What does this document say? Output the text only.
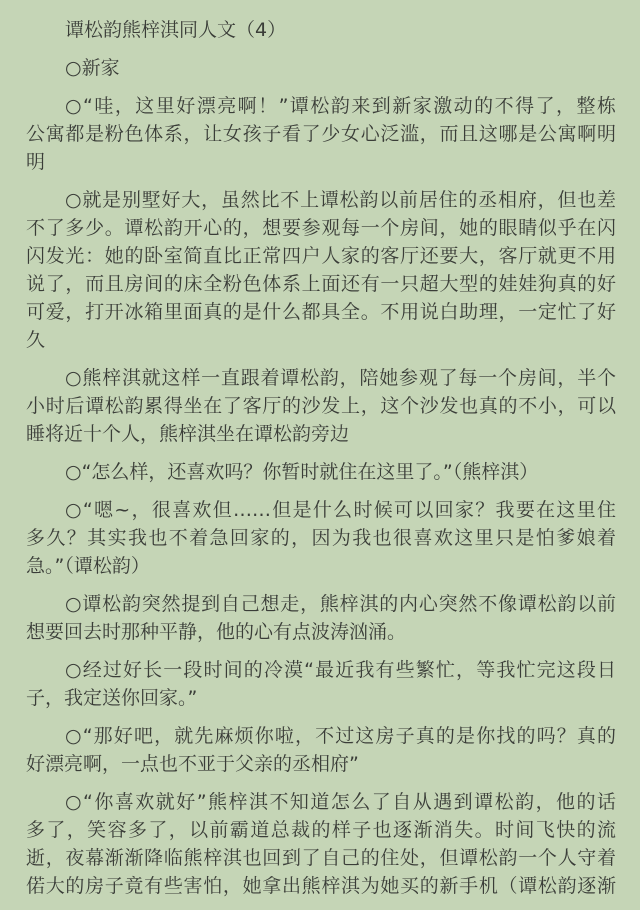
谭松韵熊梓淇同人文（4）
○新家
○“哇，这里好漂亮啊！”谭松韵来到新家激动的不得了，整栋
公寓都是粉色体系，让女孩子看了少女心泛滥，而且这哪是公寓啊明
明
○就是别墅好大，虽然比不上谭松韵以前居住的丞相府，但也差
不了多少。谭松韵开心的，想要参观每一个房间，她的眼睛似乎在闪
闪发光：她的卧室简直比正常四户人家的客厅还要大，客厅就更不用
说了，而且房间的床全粉色体系上面还有一只超大型的娃娃狗真的好
可爱，打开冰箱里面真的是什么都具全。不用说白助理，一定忙了好
久
○熊梓淇就这样一直跟着谭松韵，陪她参观了每一个房间，半个
小时后谭松韵累得坐在了客厅的沙发上，这个沙发也真的不小，可以
睡将近十个人，熊梓淇坐在谭松韵旁边
○“怎么样，还喜欢吗？你暂时就住在这里了。”（熊梓淇）
○“嗯~，很喜欢但……但是什么时候可以回家？我要在这里住
多久？其实我也不着急回家的，因为我也很喜欢这里只是怕爹娘着
急。”（谭松韵）
○谭松韵突然提到自己想走，熊梓淇的内心突然不像谭松韵以前
想要回去时那种平静，他的心有点波涛汹涌。
○经过好长一段时间的冷漠“最近我有些繁忙，等我忙完这段日
子，我定送你回家。”
○“那好吧，就先麻烦你啦，不过这房子真的是你找的吗？真的
好漂亮啊，一点也不亚于父亲的丞相府”
○“你喜欢就好”熊梓淇不知道怎么了自从遇到谭松韵，他的话
多了，笑容多了，以前霸道总裁的样子也逐渐消失。时间飞快的流
逝，夜幕渐渐降临熊梓淇也回到了自己的住处，但谭松韵一个人守着
偌大的房子竟有些害怕，她拿出熊梓淇为她买的新手机（谭松韵逐渐
